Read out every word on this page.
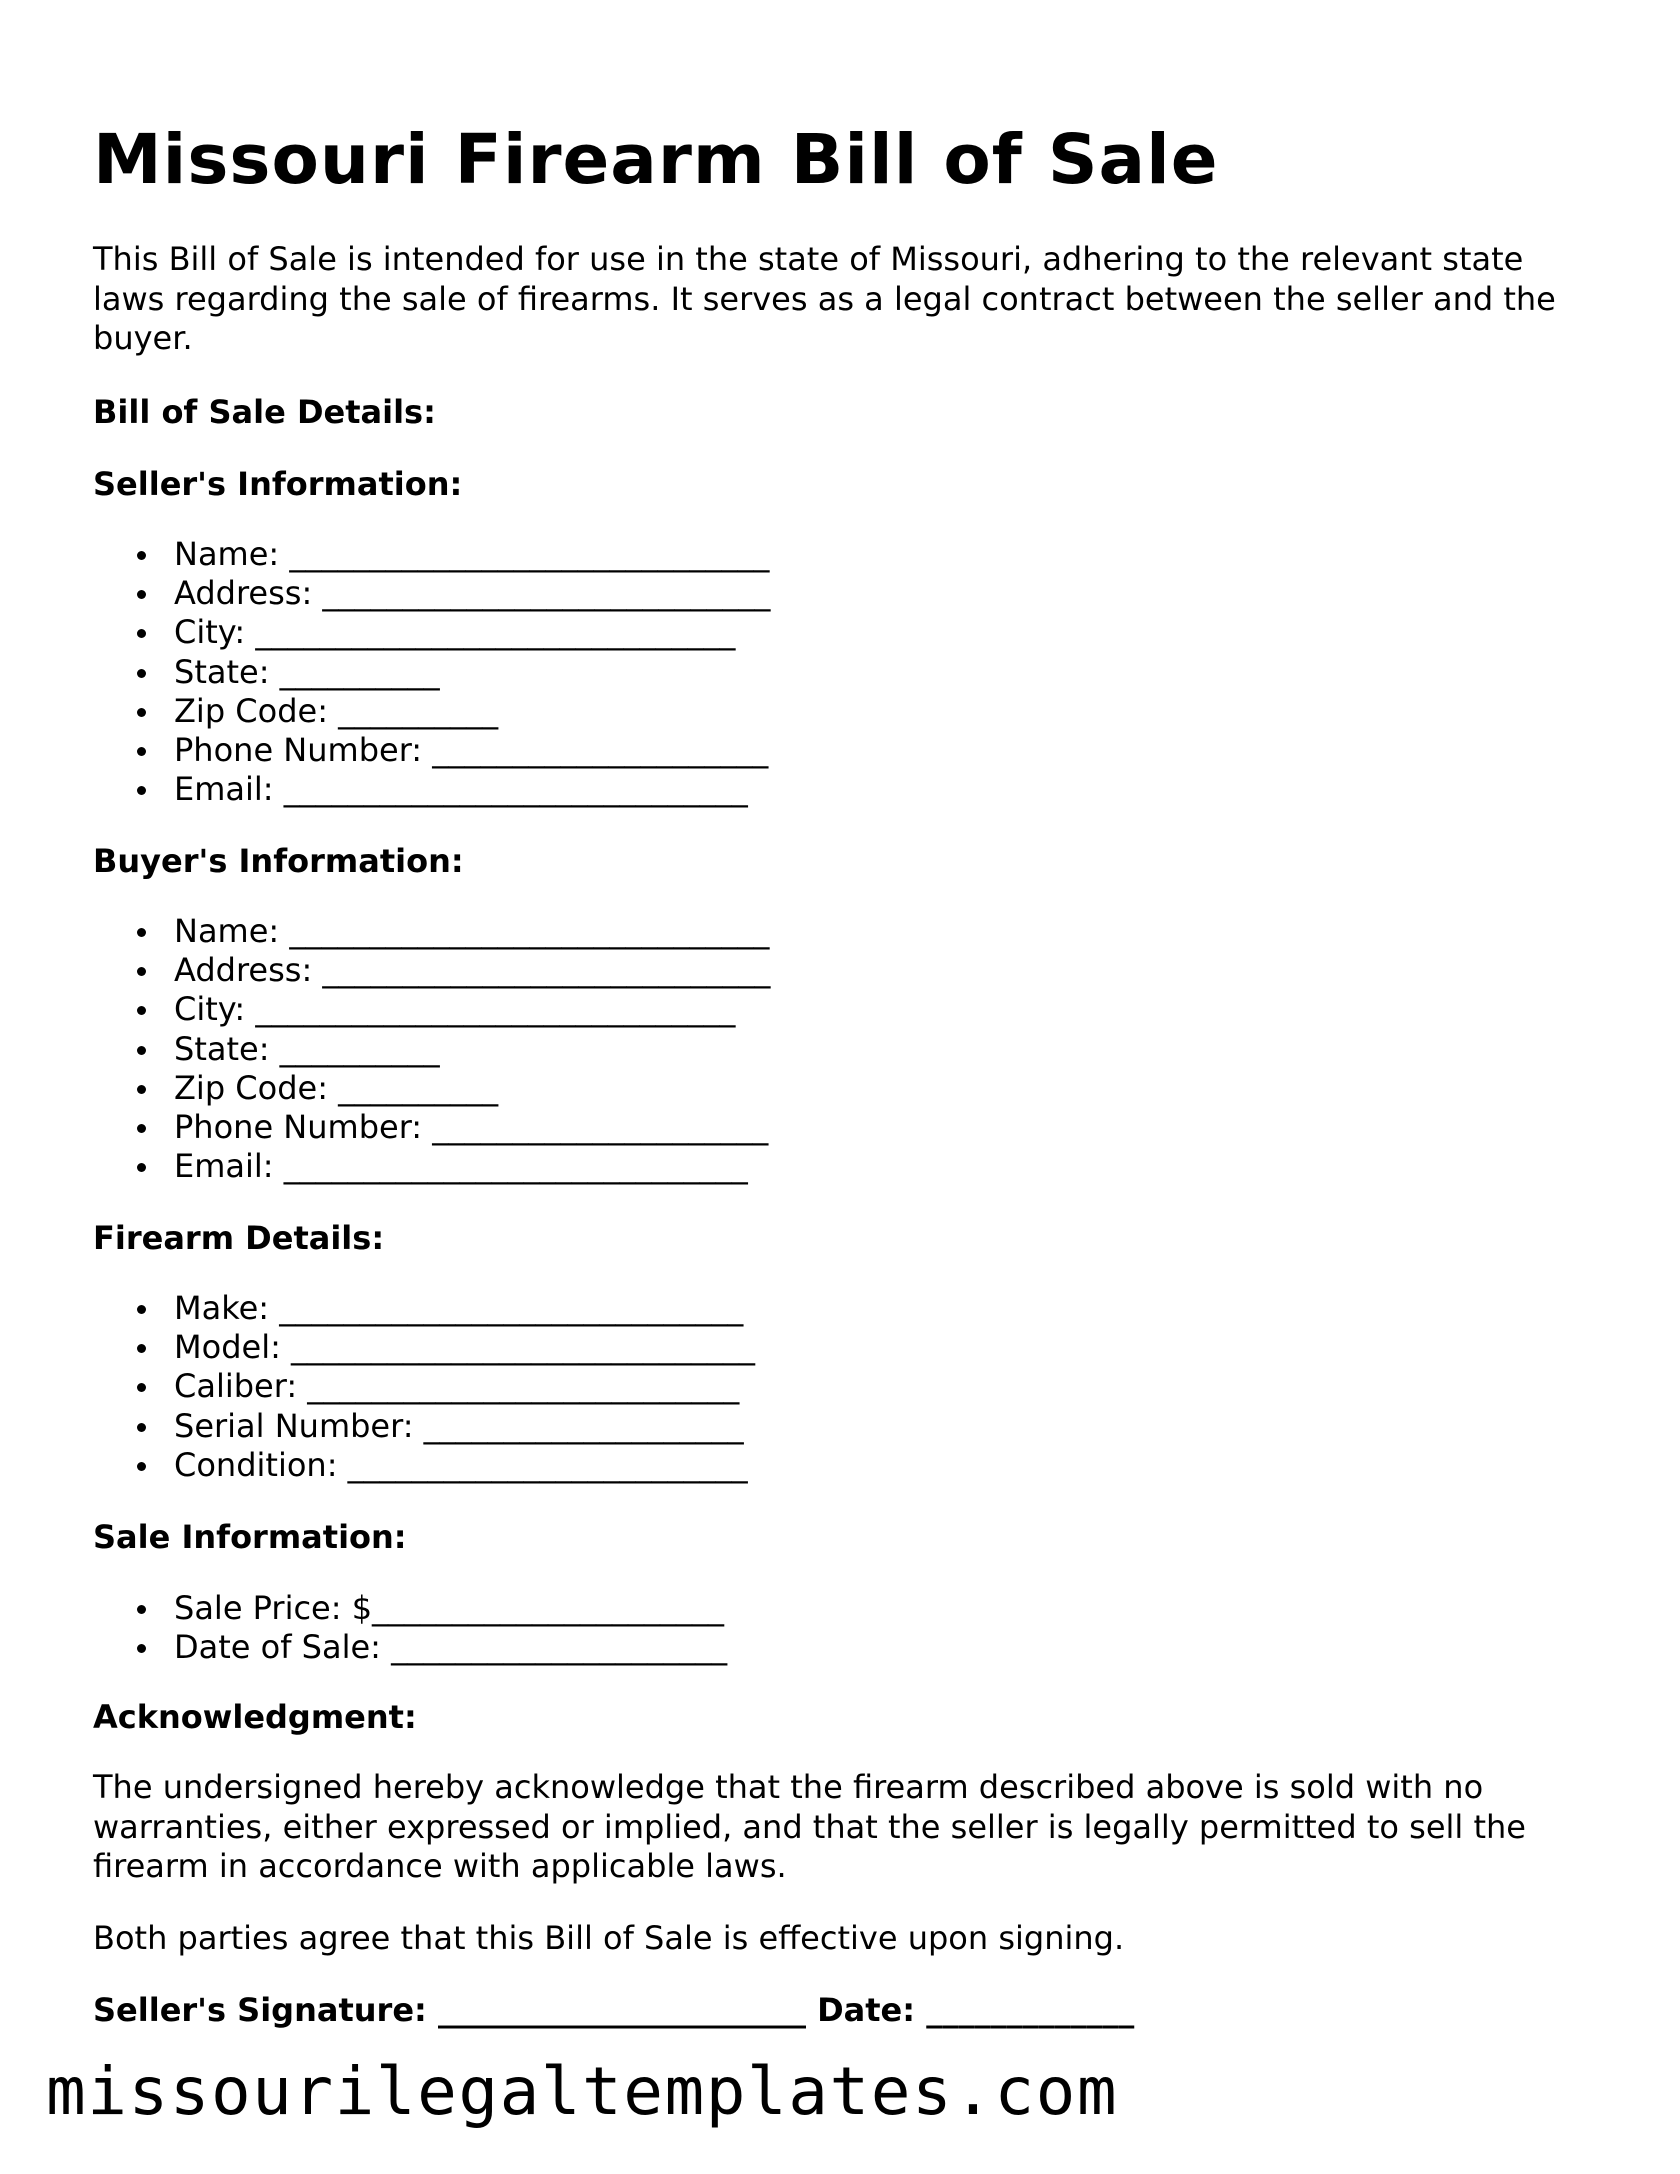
Missouri Firearm Bill of Sale

This Bill of Sale is intended for use in the state of Missouri, adhering to the relevant state laws regarding the sale of firearms. It serves as a legal contract between the seller and the buyer.

Bill of Sale Details:

Seller's Information:

Name: ______________________________
Address: ____________________________
City: ______________________________
State: __________
Zip Code: __________
Phone Number: _____________________
Email: _____________________________

Buyer's Information:

Name: ______________________________
Address: ____________________________
City: ______________________________
State: __________
Zip Code: __________
Phone Number: _____________________
Email: _____________________________

Firearm Details:

Make: _____________________________
Model: _____________________________
Caliber: ___________________________
Serial Number: ____________________
Condition: _________________________

Sale Information:

Sale Price: $______________________
Date of Sale: _____________________

Acknowledgment:

The undersigned hereby acknowledge that the firearm described above is sold with no warranties, either expressed or implied, and that the seller is legally permitted to sell the firearm in accordance with applicable laws.

Both parties agree that this Bill of Sale is effective upon signing.

Seller's Signature: _______________________ Date: _____________

missourilegaltemplates.com
